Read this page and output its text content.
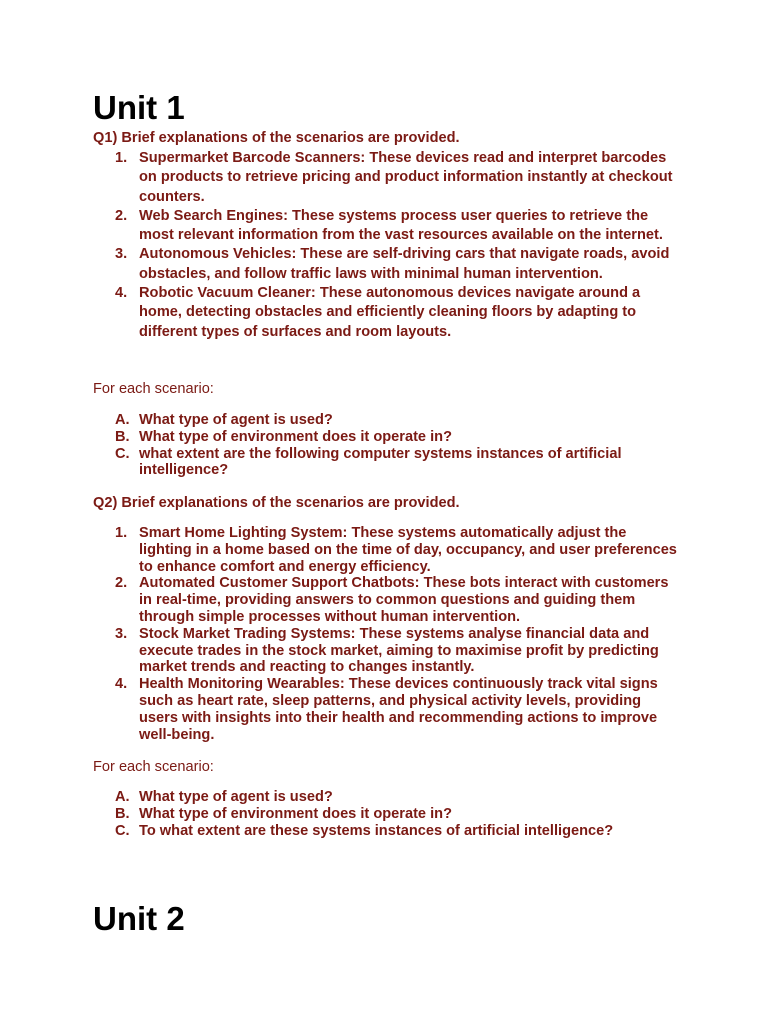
Unit 1

Q1) Brief explanations of the scenarios are provided.

1. Supermarket Barcode Scanners: These devices read and interpret barcodes on products to retrieve pricing and product information instantly at checkout counters.
2. Web Search Engines: These systems process user queries to retrieve the most relevant information from the vast resources available on the internet.
3. Autonomous Vehicles: These are self-driving cars that navigate roads, avoid obstacles, and follow traffic laws with minimal human intervention.
4. Robotic Vacuum Cleaner: These autonomous devices navigate around a home, detecting obstacles and efficiently cleaning floors by adapting to different types of surfaces and room layouts.

For each scenario:

A. What type of agent is used?
B. What type of environment does it operate in?
C. what extent are the following computer systems instances of artificial intelligence?

Q2) Brief explanations of the scenarios are provided.

1. Smart Home Lighting System: These systems automatically adjust the lighting in a home based on the time of day, occupancy, and user preferences to enhance comfort and energy efficiency.
2. Automated Customer Support Chatbots: These bots interact with customers in real-time, providing answers to common questions and guiding them through simple processes without human intervention.
3. Stock Market Trading Systems: These systems analyse financial data and execute trades in the stock market, aiming to maximise profit by predicting market trends and reacting to changes instantly.
4. Health Monitoring Wearables: These devices continuously track vital signs such as heart rate, sleep patterns, and physical activity levels, providing users with insights into their health and recommending actions to improve well-being.

For each scenario:

A. What type of agent is used?
B. What type of environment does it operate in?
C. To what extent are these systems instances of artificial intelligence?
Unit 2
